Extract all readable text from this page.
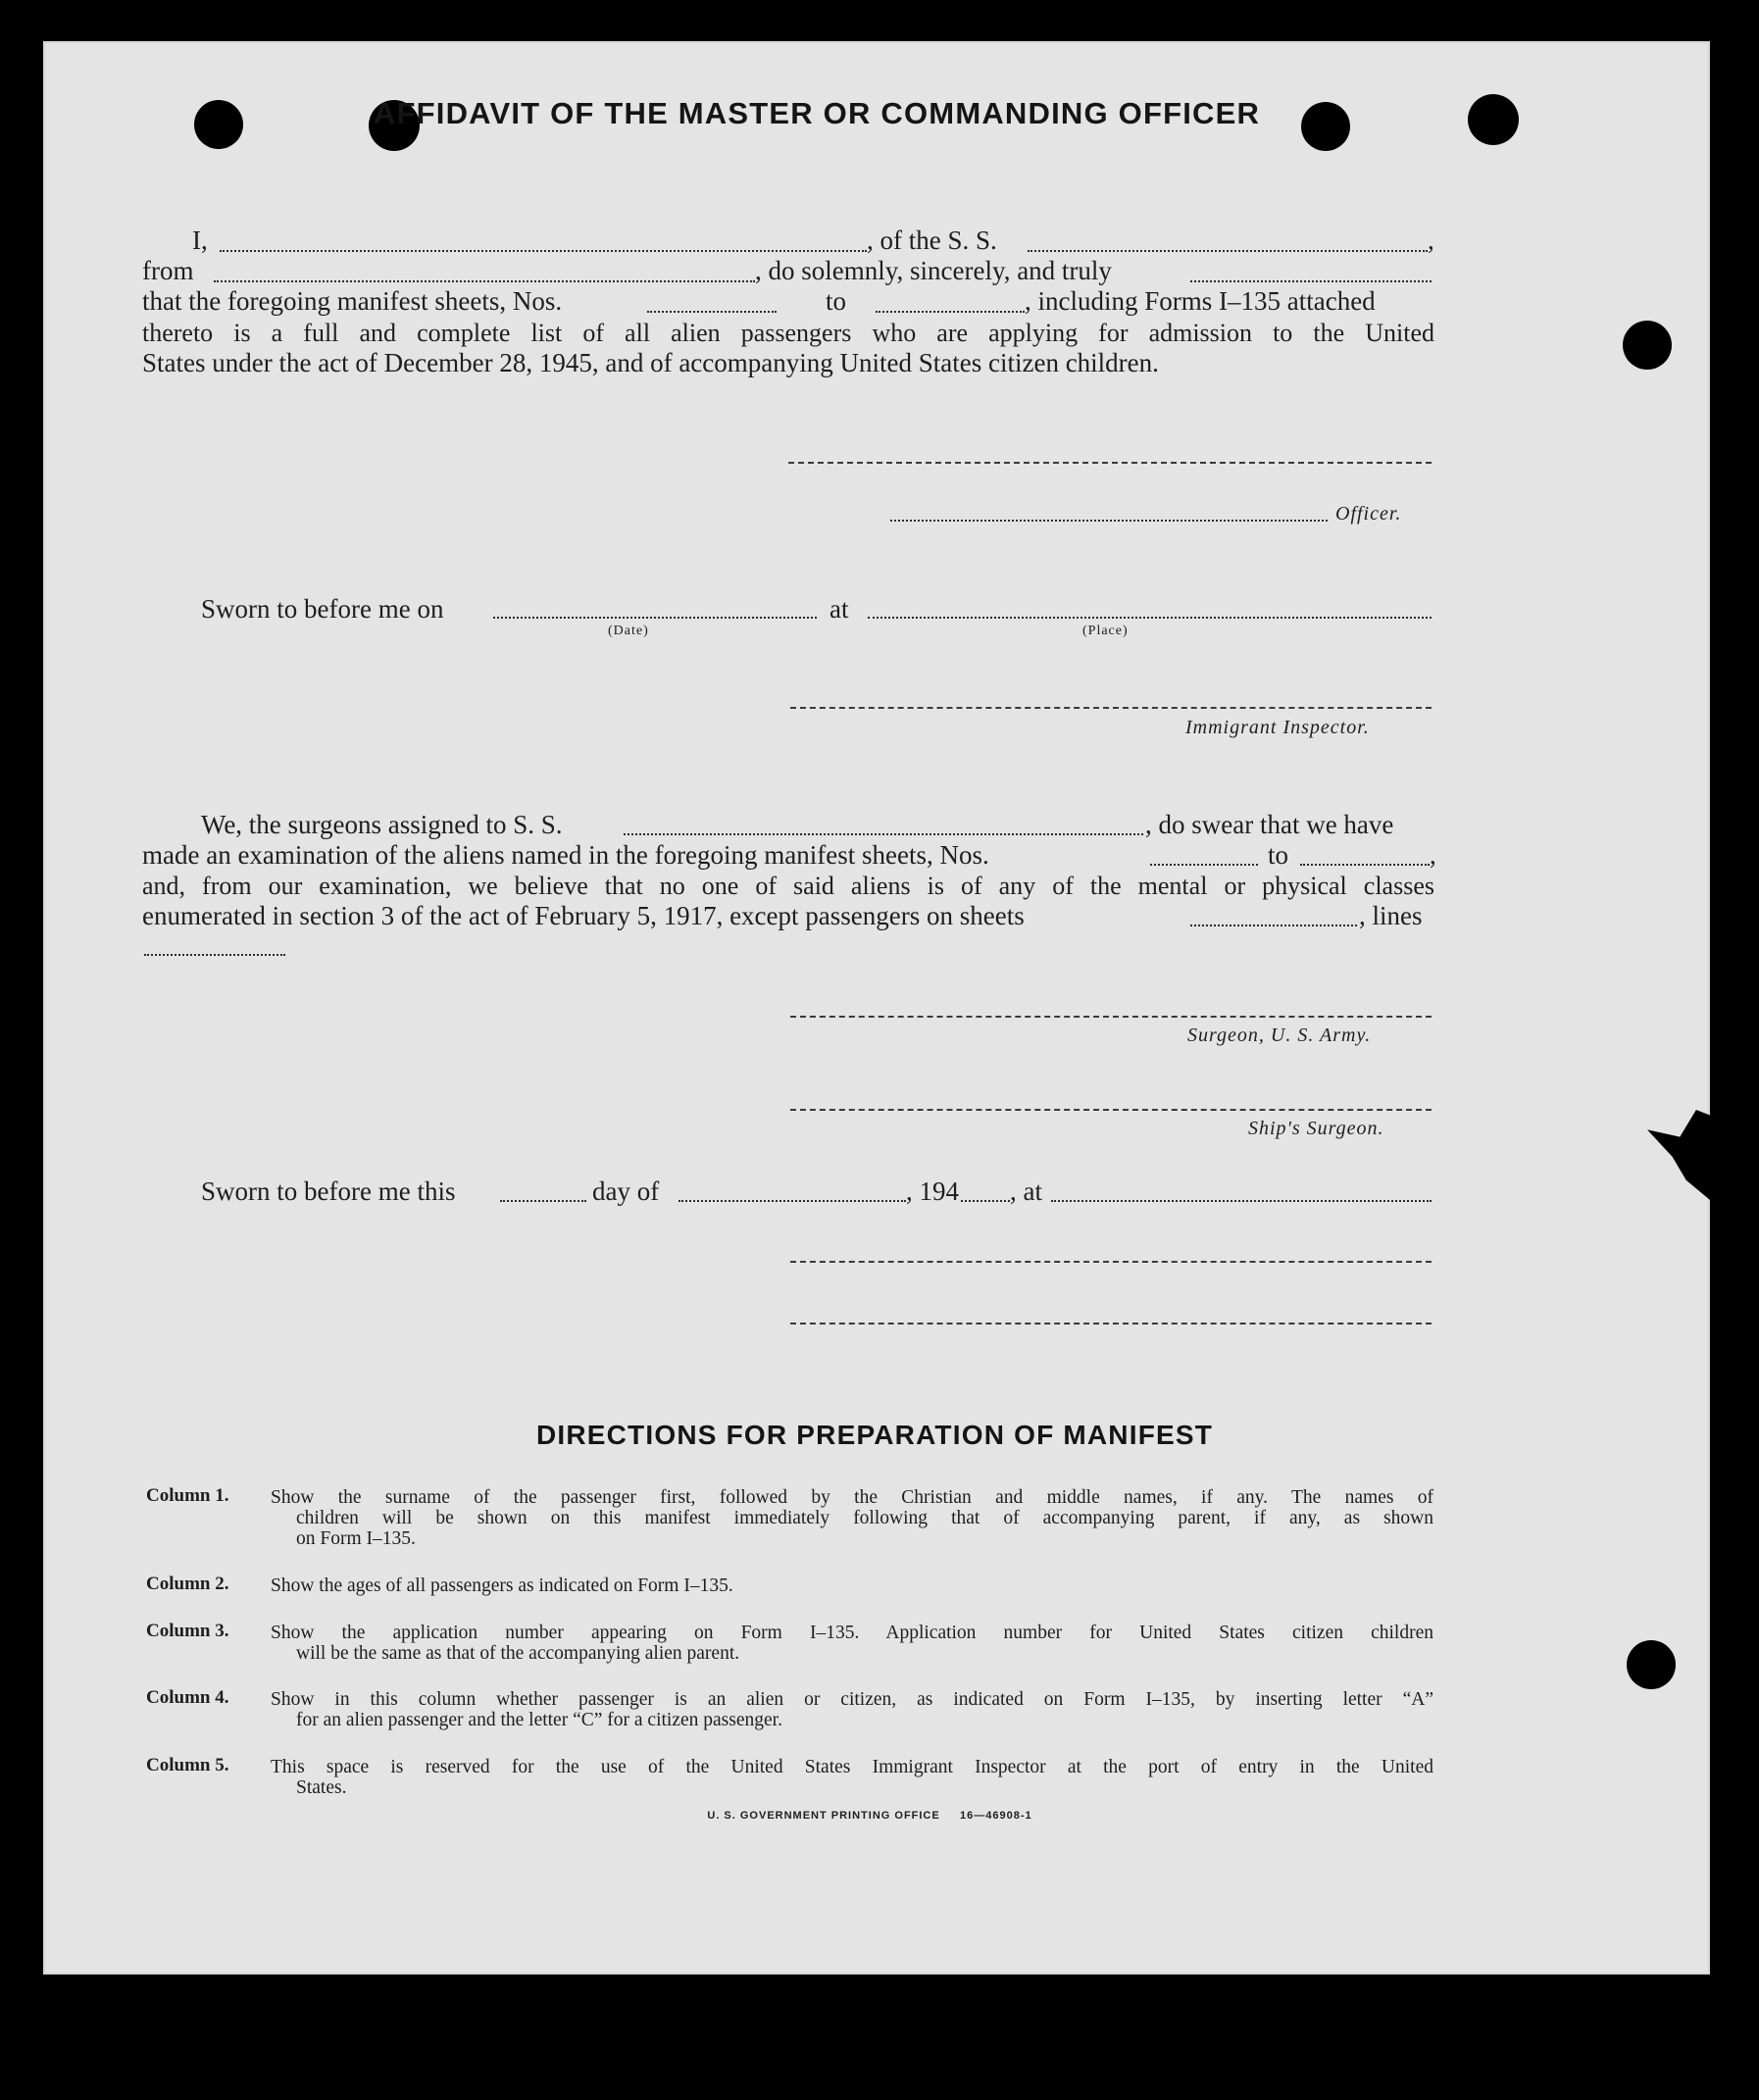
AFFIDAVIT OF THE MASTER OR COMMANDING OFFICER
I,	, of the S. S.	,
from	, do solemnly, sincerely, and truly
that the foregoing manifest sheets, Nos.	to	, including Forms I–135 attached
thereto is a full and complete list of all alien passengers who are applying for admission to the United
States under the act of December 28, 1945, and of accompanying United States citizen children.
Officer.
Sworn to before me on
(Date)
at
(Place)
Immigrant Inspector.
We, the surgeons assigned to S. S.	, do swear that we have
made an examination of the aliens named in the foregoing manifest sheets, Nos.	to	,
and, from our examination, we believe that no one of said aliens is of any of the mental or physical classes
enumerated in section 3 of the act of February 5, 1917, except passengers on sheets	, lines
Surgeon, U. S. Army.
Ship's Surgeon.
Sworn to before me this	day of	, 194 , at
DIRECTIONS FOR PREPARATION OF MANIFEST
Column 1. Show the surname of the passenger first, followed by the Christian and middle names, if any. The names of
children will be shown on this manifest immediately following that of accompanying parent, if any, as shown
on Form I–135.
Column 2. Show the ages of all passengers as indicated on Form I–135.
Column 3. Show the application number appearing on Form I–135. Application number for United States citizen children
will be the same as that of the accompanying alien parent.
Column 4. Show in this column whether passenger is an alien or citizen, as indicated on Form I–135, by inserting letter “A”
for an alien passenger and the letter “C” for a citizen passenger.
Column 5. This space is reserved for the use of the United States Immigrant Inspector at the port of entry in the United
States.
U. S. GOVERNMENT PRINTING OFFICE     16—46908-1
